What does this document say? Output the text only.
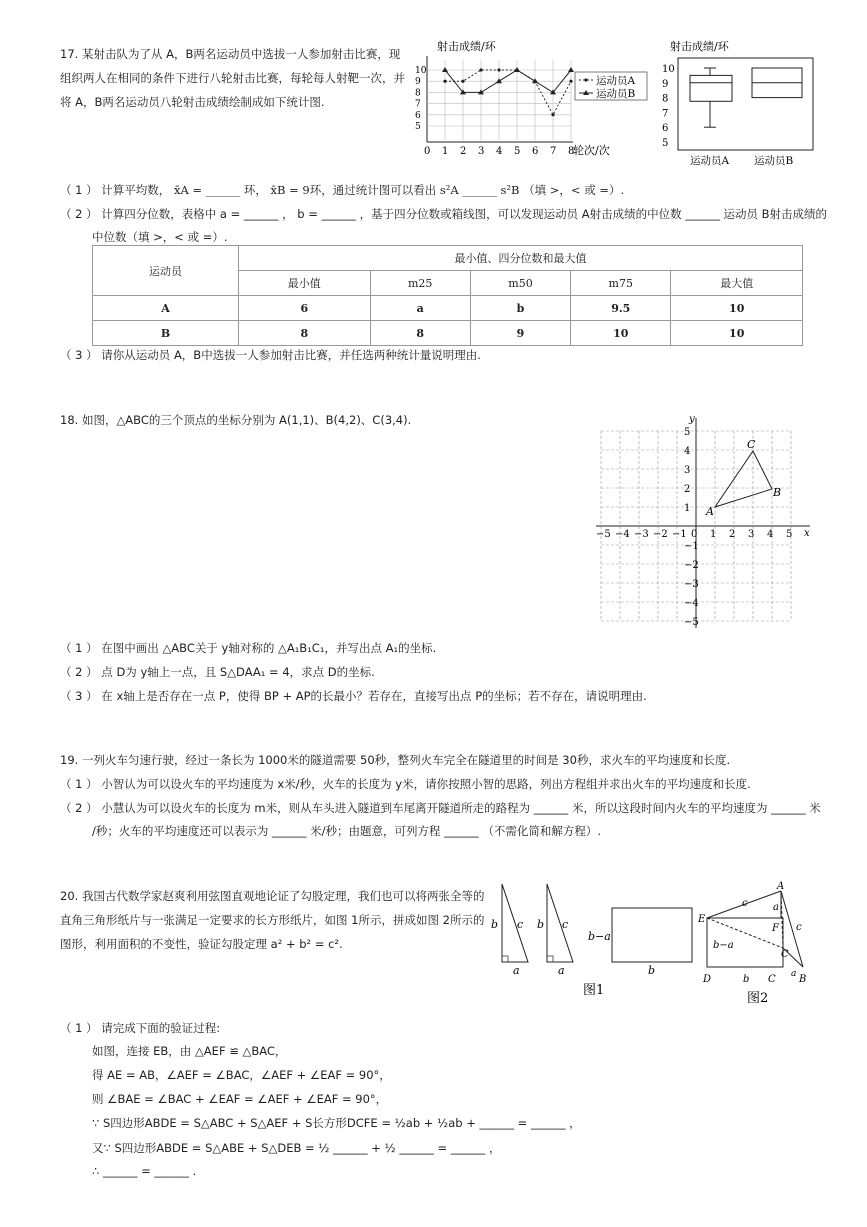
17. 某射击队为了从 A，B两名运动员中选拔一人参加射击比赛，现
组织两人在相同的条件下进行八轮射击比赛，每轮每人射靶一次，并
将 A，B两名运动员八轮射击成绩绘制成如下统计图.
射击成绩/环
0 1 2 3 4 5 6 7 8
5
6
7
8
9
10
轮次/次
运动员A
运动员B
射击成绩/环
5
6
7
8
9
10
运动员A 运动员B
（ 1 ） 计算平均数， x̄A = ______ 环， x̄B = 9环，通过统计图可以看出 s²A ______ s²B （填 >，< 或 =）.
（ 2 ） 计算四分位数，表格中 a = ______ ， b = ______ ，基于四分位数或箱线图，可以发现运动员 A射击成绩的中位数 ______ 运动员 B射击成绩的
中位数（填 >，< 或 =）.
运动员	最小值、四分位数和最大值				
	最小值	m25	m50	m75	最大值
A	6	a	b	9.5	10
B	8	8	9	10	10
（ 3 ） 请你从运动员 A，B中选拔一人参加射击比赛，并任选两种统计量说明理由.
18. 如图，△ABC的三个顶点的坐标分别为 A(1,1)、B(4,2)、C(3,4).
x
y
−5 −4 −3 −2 −1 0 1 2 3 4 5
5
4
3
2
1
−1
−2
−3
−4
−5
A
B
C
（ 1 ） 在图中画出 △ABC关于 y轴对称的 △A₁B₁C₁，并写出点 A₁的坐标.
（ 2 ） 点 D为 y轴上一点，且 S△DAA₁ = 4，求点 D的坐标.
（ 3 ） 在 x轴上是否存在一点 P，使得 BP + AP的长最小？若存在，直接写出点 P的坐标；若不存在，请说明理由.
19. 一列火车匀速行驶，经过一条长为 1000米的隧道需要 50秒，整列火车完全在隧道里的时间是 30秒，求火车的平均速度和长度.
（ 1 ） 小智认为可以设火车的平均速度为 x米/秒，火车的长度为 y米，请你按照小智的思路，列出方程组并求出火车的平均速度和长度.
（ 2 ） 小慧认为可以设火车的长度为 m米，则从车头进入隧道到车尾离开隧道所走的路程为 ______ 米，所以这段时间内火车的平均速度为 ______ 米
/秒；火车的平均速度还可以表示为 ______ 米/秒；由题意，可列方程 ______ （不需化简和解方程）.
20. 我国古代数学家赵爽利用弦图直观地论证了勾股定理，我们也可以将两张全等的
直角三角形纸片与一张满足一定要求的长方形纸片，如图 1所示，拼成如图 2所示的
图形，利用面积的不变性，验证勾股定理 a² + b² = c².
b c
a
b c
a
b−a
b
图1
A
E
F
C
D	B
c	a
b−a
b C a
c
图2
（ 1 ） 请完成下面的验证过程:
如图，连接 EB，由 △AEF ≌ △BAC，
得 AE = AB，∠AEF = ∠BAC，∠AEF + ∠EAF = 90°，
则 ∠BAE = ∠BAC + ∠EAF = ∠AEF + ∠EAF = 90°，
∵ S四边形ABDE = S△ABC + S△AEF + S长方形DCFE = ½ab + ½ab + ______ = ______ ，
又∵ S四边形ABDE = S△ABE + S△DEB = ½ ______ + ½ ______ = ______ ，
∴ ______ = ______ .
